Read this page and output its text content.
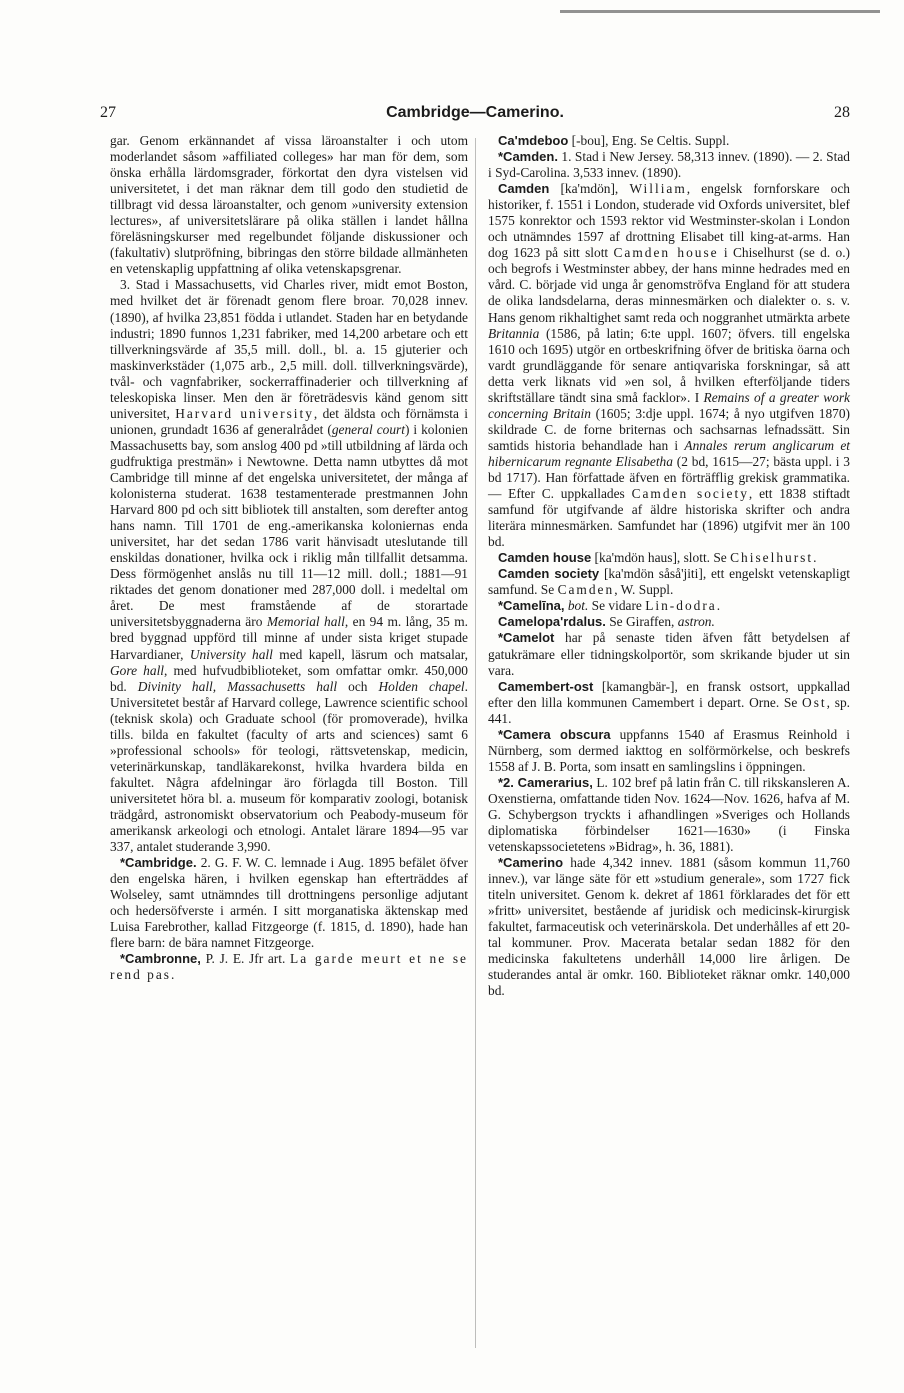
27	Cambridge—Camerino.	28

gar. Genom erkännandet af vissa läroanstalter i och utom moderlandet såsom »affiliated colleges» har man för dem, som önska erhålla lärdomsgrader, förkortat den dyra vistelsen vid universitetet, i det man räknar dem till godo den studietid de tillbragt vid dessa läroanstalter, och genom »university extension lectures», af universitetslärare på olika ställen i landet hållna föreläsningskurser med regelbundet följande diskussioner och (fakultativ) slutpröfning, bibringas den större bildade allmänheten en vetenskaplig uppfattning af olika vetenskapsgrenar.

3. Stad i Massachusetts, vid Charles river, midt emot Boston, med hvilket det är förenadt genom flere broar. 70,028 innev. (1890), af hvilka 23,851 födda i utlandet. Staden har en betydande industri; 1890 funnos 1,231 fabriker, med 14,200 arbetare och ett tillverkningsvärde af 35,5 mill. doll., bl. a. 15 gjuterier och maskinverkstäder (1,075 arb., 2,5 mill. doll. tillverkningsvärde), tvål- och vagnfabriker, sockerraffinaderier och tillverkning af teleskopiska linser. Men den är företrädesvis känd genom sitt universitet, Harvard university, det äldsta och förnämsta i unionen, grundadt 1636 af generalrådet (general court) i kolonien Massachusetts bay, som anslog 400 pd »till utbildning af lärda och gudfruktiga prestmän» i Newtowne. Detta namn utbyttes då mot Cambridge till minne af det engelska universitetet, der många af kolonisterna studerat. 1638 testamenterade prestmannen John Harvard 800 pd och sitt bibliotek till anstalten, som derefter antog hans namn. Till 1701 de eng.-amerikanska koloniernas enda universitet, har det sedan 1786 varit hänvisadt uteslutande till enskildas donationer, hvilka ock i riklig mån tillfallit detsamma. Dess förmögenhet anslås nu till 11—12 mill. doll.; 1881—91 riktades det genom donationer med 287,000 doll. i medeltal om året. De mest framstående af de storartade universitetsbyggnaderna äro Memorial hall, en 94 m. lång, 35 m. bred byggnad uppförd till minne af under sista kriget stupade Harvardianer, University hall med kapell, läsrum och matsalar, Gore hall, med hufvudbiblioteket, som omfattar omkr. 450,000 bd. Divinity hall, Massachusetts hall och Holden chapel. Universitetet består af Harvard college, Lawrence scientific school (teknisk skola) och Graduate school (för promoverade), hvilka tills. bilda en fakultet (faculty of arts and sciences) samt 6 »professional schools» för teologi, rättsvetenskap, medicin, veterinärkunskap, tandläkarekonst, hvilka hvardera bilda en fakultet. Några afdelningar äro förlagda till Boston. Till universitetet höra bl. a. museum för komparativ zoologi, botanisk trädgård, astronomiskt observatorium och Peabody-museum för amerikansk arkeologi och etnologi. Antalet lärare 1894—95 var 337, antalet studerande 3,990.

*Cambridge. 2. G. F. W. C. lemnade i Aug. 1895 befälet öfver den engelska hären, i hvilken egenskap han efterträddes af Wolseley, samt utnämndes till drottningens personlige adjutant och hedersöfverste i armén. I sitt morganatiska äktenskap med Luisa Farebrother, kallad Fitzgeorge (f. 1815, d. 1890), hade han flere barn: de bära namnet Fitzgeorge.

*Cambronne, P. J. E. Jfr art. La garde meurt et ne se rend pas.

Ca'mdeboo [-bou], Eng. Se Celtis. Suppl.

*Camden. 1. Stad i New Jersey. 58,313 innev. (1890). — 2. Stad i Syd-Carolina. 3,533 innev. (1890).

Camden [ka'mdön], William, engelsk fornforskare och historiker, f. 1551 i London, studerade vid Oxfords universitet, blef 1575 konrektor och 1593 rektor vid Westminster-skolan i London och utnämndes 1597 af drottning Elisabet till king-at-arms. Han dog 1623 på sitt slott Camden house i Chiselhurst (se d. o.) och begrofs i Westminster abbey, der hans minne hedrades med en vård. C. började vid unga år genomströfva England för att studera de olika landsdelarna, deras minnesmärken och dialekter o. s. v. Hans genom rikhaltighet samt reda och noggranhet utmärkta arbete Britannia (1586, på latin; 6:te uppl. 1607; öfvers. till engelska 1610 och 1695) utgör en ortbeskrifning öfver de britiska öarna och vardt grundläggande för senare antiqvariska forskningar, så att detta verk liknats vid »en sol, å hvilken efterföljande tiders skriftställare tändt sina små facklor». I Remains of a greater work concerning Britain (1605; 3:dje uppl. 1674; å nyo utgifven 1870) skildrade C. de forne briternas och sachsarnas lefnadssätt. Sin samtids historia behandlade han i Annales rerum anglicarum et hibernicarum regnante Elisabetha (2 bd, 1615—27; bästa uppl. i 3 bd 1717). Han författade äfven en förträfflig grekisk grammatika. — Efter C. uppkallades Camden society, ett 1838 stiftadt samfund för utgifvande af äldre historiska skrifter och andra literära minnesmärken. Samfundet har (1896) utgifvit mer än 100 bd.

Camden house [ka'mdön haus], slott. Se Chiselhurst.

Camden society [ka'mdön såså'jiti], ett engelskt vetenskapligt samfund. Se Camden, W. Suppl.

*Camelīna, bot. Se vidare Lin-dodra.

Camelopa'rdalus. Se Giraffen, astron.

*Camelot har på senaste tiden äfven fått betydelsen af gatukrämare eller tidningskolportör, som skrikande bjuder ut sin vara.

Camembert-ost [kamangbär-], en fransk ostsort, uppkallad efter den lilla kommunen Camembert i depart. Orne. Se Ost, sp. 441.

*Camera obscura uppfanns 1540 af Erasmus Reinhold i Nürnberg, som dermed iakttog en solförmörkelse, och beskrefs 1558 af J. B. Porta, som insatt en samlingslins i öppningen.

*2. Camerarius, L. 102 bref på latin från C. till rikskansleren A. Oxenstierna, omfattande tiden Nov. 1624—Nov. 1626, hafva af M. G. Schybergson tryckts i afhandlingen »Sveriges och Hollands diplomatiska förbindelser 1621—1630» (i Finska vetenskapssocietetens »Bidrag», h. 36, 1881).

*Camerino hade 4,342 innev. 1881 (såsom kommun 11,760 innev.), var länge säte för ett »studium generale», som 1727 fick titeln universitet. Genom k. dekret af 1861 förklarades det för ett »fritt» universitet, bestående af juridisk och medicinsk-kirurgisk fakultet, farmaceutisk och veterinärskola. Det underhålles af ett 20-tal kommuner. Prov. Macerata betalar sedan 1882 för den medicinska fakultetens underhåll 14,000 lire årligen. De studerandes antal är omkr. 160. Biblioteket räknar omkr. 140,000 bd.
